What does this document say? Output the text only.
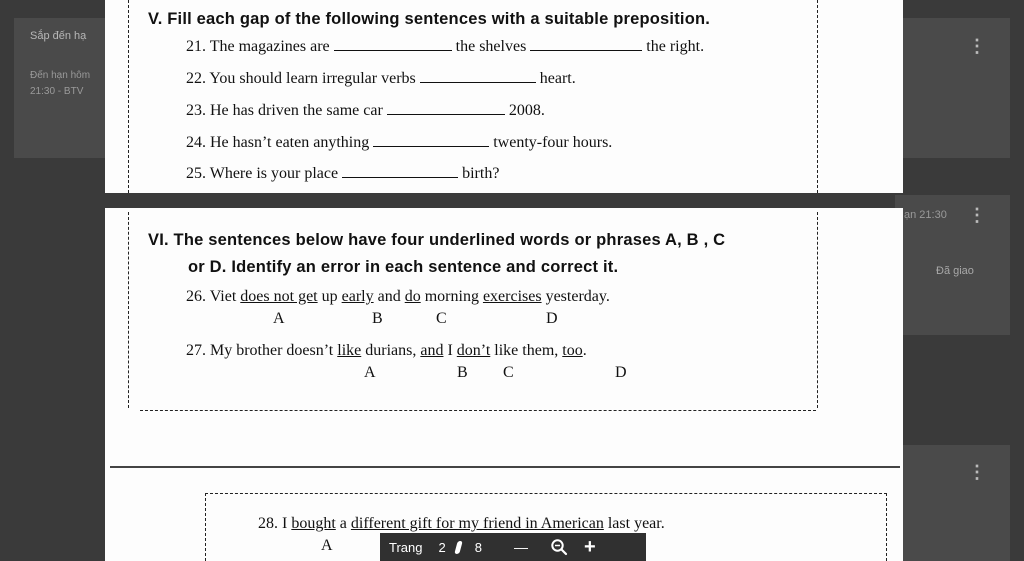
Sắp đến hạ
Đến hạn hôm
21:30 - BTV
⋮
ạn 21:30 ⋮
Đã giao
⋮
V. Fill each gap of the following sentences with a suitable preposition.
21. The magazines are	the shelves	the right.
22. You should learn irregular verbs	heart.
23. He has driven the same car	2008.
24. He hasn’t eaten anything	twenty-four hours.
25. Where is your place	birth?
VI. The sentences below have four underlined words or phrases A, B , C
or D. Identify an error in each sentence and correct it.
26. Viet does not get up early and do morning exercises yesterday.
A	B	C	D
27. My brother doesn’t like durians, and I don’t like them, too.
A	B C	D
28. I bought a different gift for my friend in American last year.
A	Trang 2 8 —	+
